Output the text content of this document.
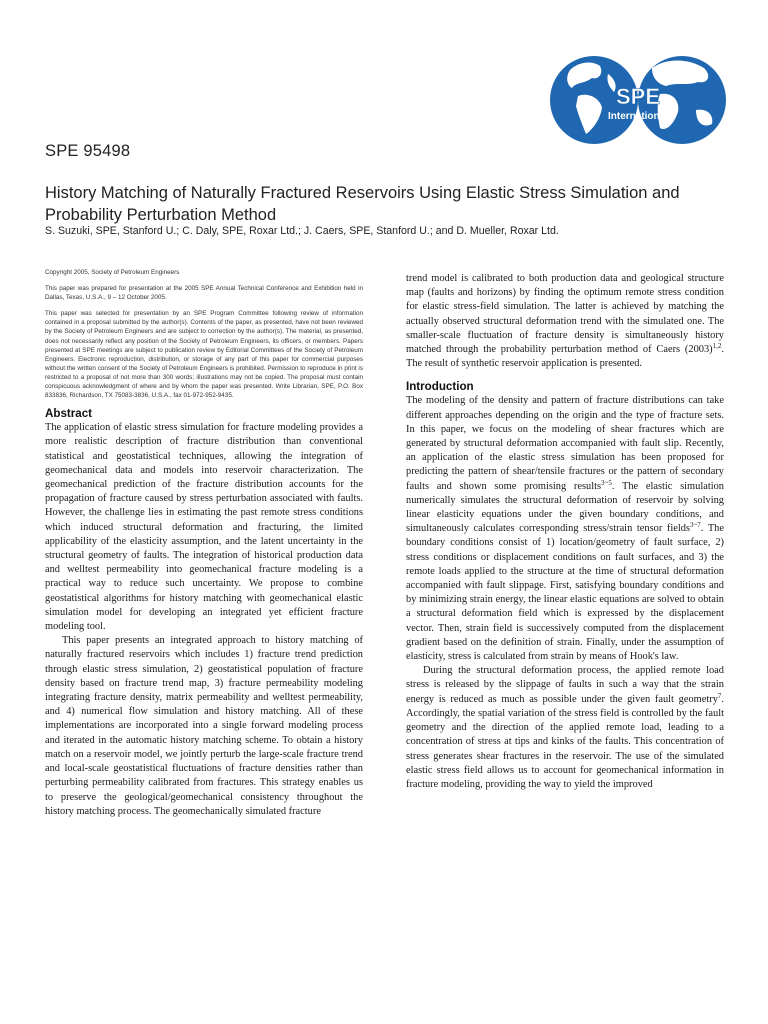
SPE
International
SPE 95498
History Matching of Naturally Fractured Reservoirs Using Elastic Stress Simulation and Probability Perturbation Method
S. Suzuki, SPE, Stanford U.; C. Daly, SPE, Roxar Ltd.; J. Caers, SPE, Stanford U.; and D. Mueller, Roxar Ltd.

Copyright 2005, Society of Petroleum Engineers

This paper was prepared for presentation at the 2005 SPE Annual Technical Conference and Exhibition held in Dallas, Texas, U.S.A., 9 – 12 October 2005.

This paper was selected for presentation by an SPE Program Committee following review of information contained in a proposal submitted by the author(s). Contents of the paper, as presented, have not been reviewed by the Society of Petroleum Engineers and are subject to correction by the author(s). The material, as presented, does not necessarily reflect any position of the Society of Petroleum Engineers, its officers, or members. Papers presented at SPE meetings are subject to publication review by Editorial Committees of the Society of Petroleum Engineers. Electronic reproduction, distribution, or storage of any part of this paper for commercial purposes without the written consent of the Society of Petroleum Engineers is prohibited. Permission to reproduce in print is restricted to a proposal of not more than 300 words; illustrations may not be copied. The proposal must contain conspicuous acknowledgment of where and by whom the paper was presented. Write Librarian, SPE, P.O. Box 833836, Richardson, TX 75083-3836, U.S.A., fax 01-972-952-9435.

Abstract

The application of elastic stress simulation for fracture modeling provides a more realistic description of fracture distribution than conventional statistical and geostatistical techniques, allowing the integration of geomechanical data and models into reservoir characterization. The geomechanical prediction of the fracture distribution accounts for the propagation of fracture caused by stress perturbation associated with faults. However, the challenge lies in estimating the past remote stress conditions which induced structural deformation and fracturing, the limited applicability of the elasticity assumption, and the latent uncertainty in the structural geometry of faults. The integration of historical production data and welltest permeability into geomechanical fracture modeling is a practical way to reduce such uncertainty. We propose to combine geostatistical algorithms for history matching with geomechanical elastic simulation model for developing an integrated yet efficient fracture modeling tool.

This paper presents an integrated approach to history matching of naturally fractured reservoirs which includes 1) fracture trend prediction through elastic stress simulation, 2) geostatistical population of fracture density based on fracture trend map, 3) fracture permeability modeling integrating fracture density, matrix permeability and welltest permeability, and 4) numerical flow simulation and history matching. All of these implementations are incorporated into a single forward modeling process and iterated in the automatic history matching scheme. To obtain a history match on a reservoir model, we jointly perturb the large-scale fracture trend and local-scale geostatistical fluctuations of fracture densities rather than perturbing permeability calibrated from fractures. This strategy enables us to preserve the geological/geomechanical consistency throughout the history matching process. The geomechanically simulated fracture

trend model is calibrated to both production data and geological structure map (faults and horizons) by finding the optimum remote stress condition for elastic stress-field simulation. The latter is achieved by matching the actually observed structural deformation trend with the simulated one. The smaller-scale fluctuation of fracture density is simultaneously history matched through the probability perturbation method of Caers $(2003)^{1,2}$. The result of synthetic reservoir application is presented.

Introduction

The modeling of the density and pattern of fracture distributions can take different approaches depending on the origin and the type of fracture sets. In this paper, we focus on the modeling of shear fractures which are generated by structural deformation accompanied with fault slip. Recently, an application of the elastic stress simulation has been proposed for predicting the pattern of shear/tensile fractures or the pattern of secondary faults and shown some promising results$^{3\sim 5}$. The elastic simulation numerically simulates the structural deformation of reservoir by solving linear elasticity equations under the given boundary conditions, and simultaneously calculates corresponding stress/strain tensor fields$^{3\sim 7}$. The boundary conditions consist of 1) location/geometry of fault surface, 2) stress conditions or displacement conditions on fault surfaces, and 3) the remote loads applied to the structure at the time of structural deformation accompanied with fault slippage. First, satisfying boundary conditions and by minimizing strain energy, the linear elastic equations are solved to obtain a structural deformation field which is expressed by the displacement vector. Then, strain field is successively computed from the displacement gradient based on the definition of strain. Finally, under the assumption of elasticity, stress is calculated from strain by means of Hook's law.

During the structural deformation process, the applied remote load stress is released by the slippage of faults in such a way that the strain energy is reduced as much as possible under the given fault geometry$^7$. Accordingly, the spatial variation of the stress field is controlled by the fault geometry and the direction of the applied remote load, leading to a concentration of stress at tips and kinks of the faults. This concentration of stress generates shear fractures in the reservoir. The use of the simulated elastic stress field allows us to account for geomechanical information in fracture modeling, providing the way to yield the improved
